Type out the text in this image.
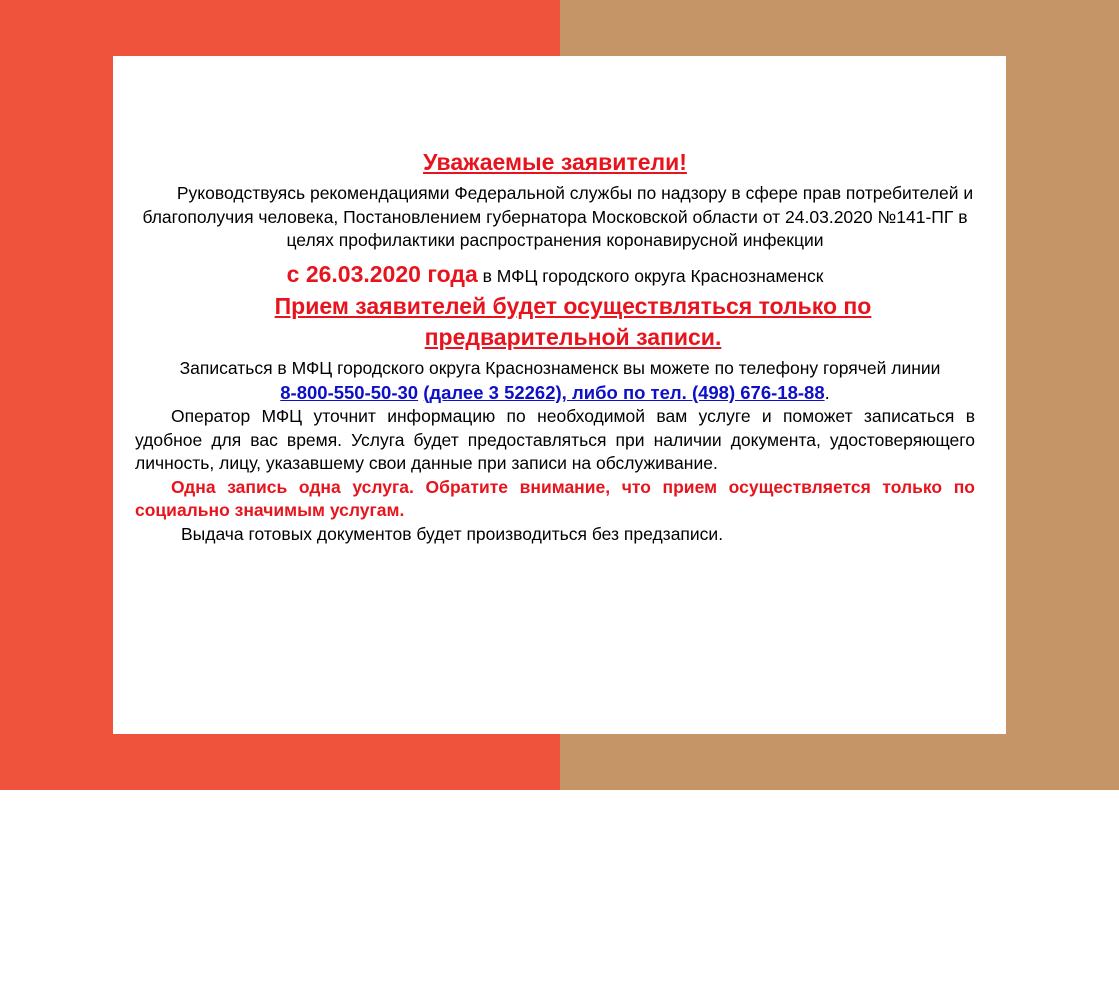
Уважаемые заявители!

Руководствуясь рекомендациями Федеральной службы по надзору в сфере прав потребителей и благополучия человека, Постановлением губернатора Московской области от 24.03.2020 №141-ПГ в целях профилактики распространения коронавирусной инфекции

с 26.03.2020 года в МФЦ городского округа Краснознаменск

Прием заявителей будет осуществляться только по предварительной записи.

Записаться в МФЦ городского округа Краснознаменск вы можете по телефону горячей линии

8-800-550-50-30 (далее 3 52262), либо по тел. (498) 676-18-88.

Оператор МФЦ уточнит информацию по необходимой вам услуге и поможет записаться в удобное для вас время. Услуга будет предоставляться при наличии документа, удостоверяющего личность, лицу, указавшему свои данные при записи на обслуживание.

Одна запись одна услуга. Обратите внимание, что прием осуществляется только по социально значимым услугам.

Выдача готовых документов будет производиться без предзаписи.
